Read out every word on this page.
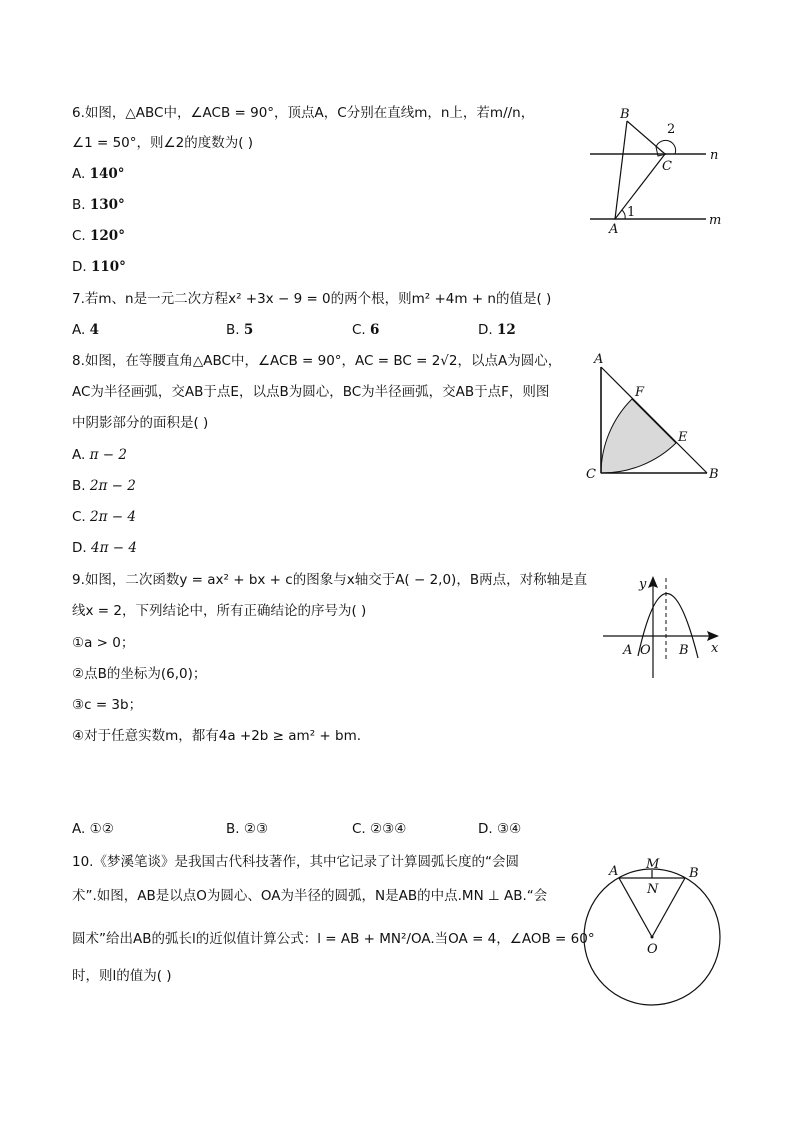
6.如图，△ABC中，∠ACB = 90°，顶点A，C分别在直线m，n上，若m//n，
∠1 = 50°，则∠2的度数为( )
A. 140°
B. 130°
C. 120°
D. 110°
B
2
n
C
1
A
m
7.若m、n是一元二次方程x² +3x − 9 = 0的两个根，则m² +4m + n的值是( )
A. 4	B. 5	C. 6	D. 12
8.如图，在等腰直角△ABC中，∠ACB = 90°，AC = BC = 2√2，以点A为圆心，
AC为半径画弧，交AB于点E，以点B为圆心，BC为半径画弧，交AB于点F，则图
中阴影部分的面积是( )
A. π − 2
B. 2π − 2
C. 2π − 4
D. 4π − 4
A
F
E
C	B
9.如图，二次函数y = ax² + bx + c的图象与x轴交于A( − 2,0)，B两点，对称轴是直
线x = 2，下列结论中，所有正确结论的序号为( )
①a > 0；
②点B的坐标为(6,0)；
③c = 3b；
④对于任意实数m，都有4a +2b ≥ am² + bm.
A. ①②	B. ②③	C. ②③④	D. ③④
y
A O B x
10.《梦溪笔谈》是我国古代科技著作，其中它记录了计算圆弧长度的“会圆
术”.如图，AB是以点O为圆心、OA为半径的圆弧，N是AB的中点.MN ⊥ AB.“会
圆术”给出AB的弧长l的近似值计算公式：l = AB + MN²/OA.当OA = 4，∠AOB = 60°
时，则l的值为( )
A M
B
N
O
